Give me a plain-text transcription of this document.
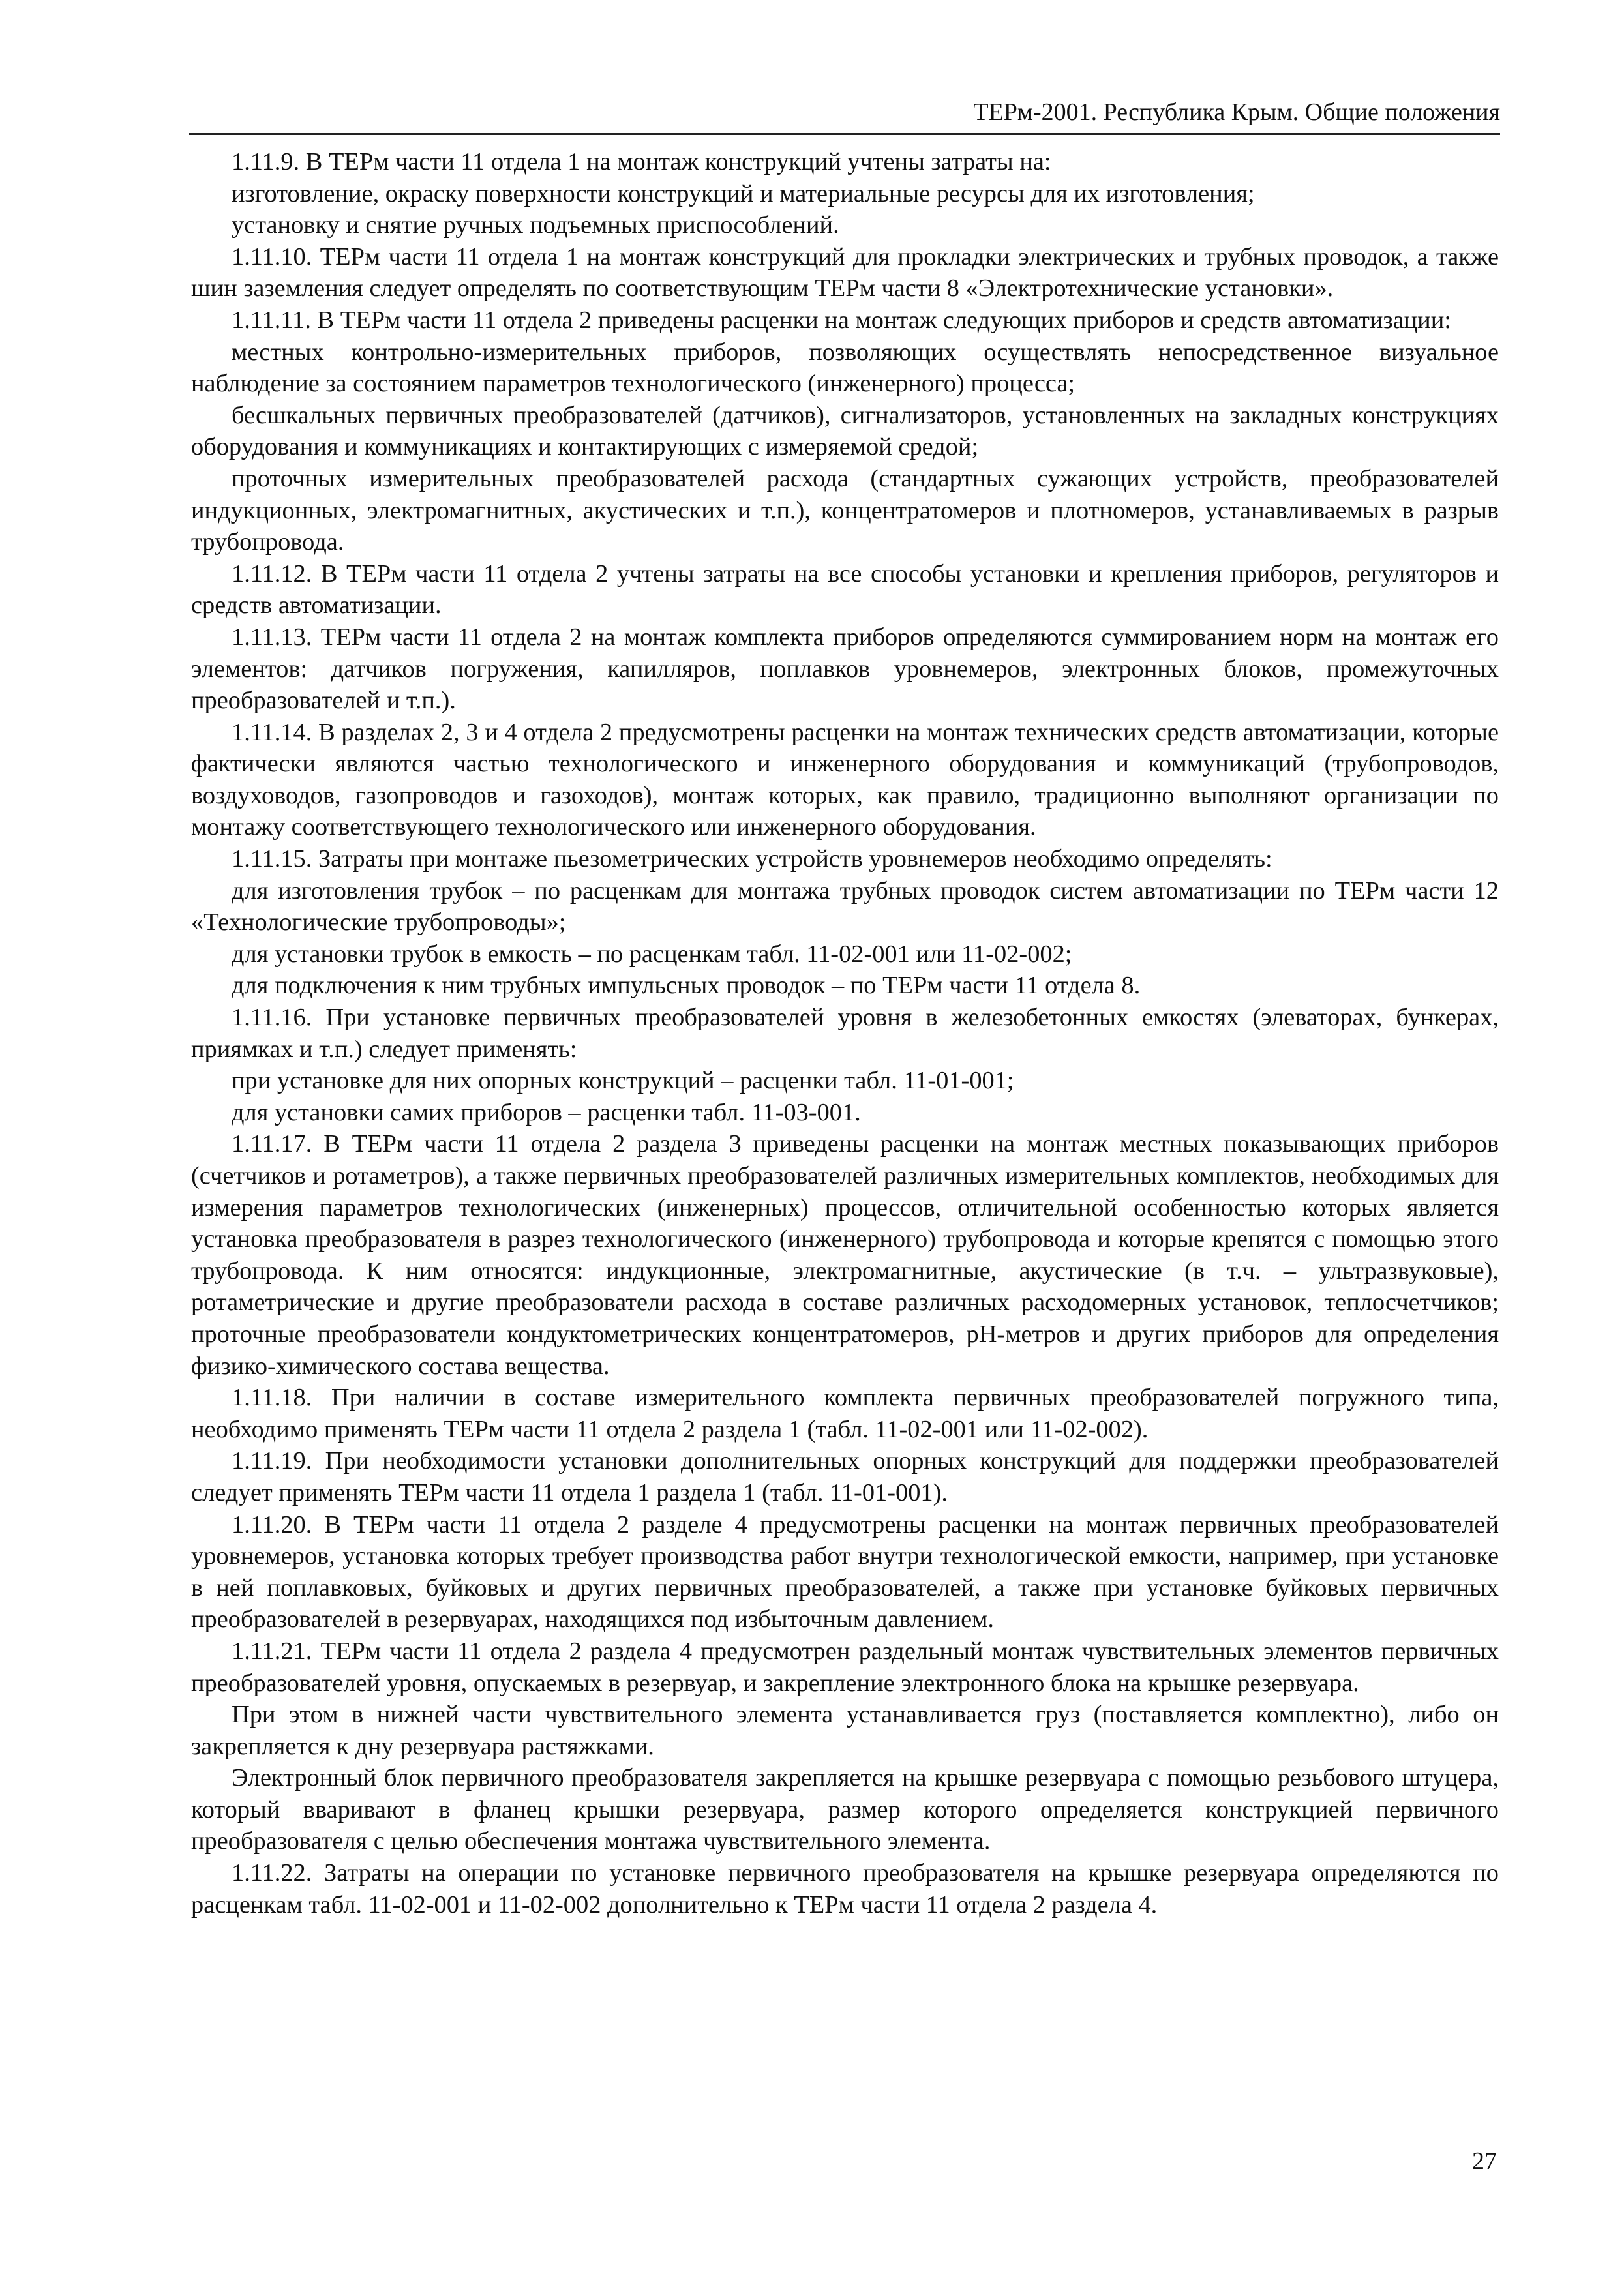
ТЕРм-2001. Республика Крым. Общие положения

1.11.9. В ТЕРм части 11 отдела 1 на монтаж конструкций учтены затраты на:

изготовление, окраску поверхности конструкций и материальные ресурсы для их изготовления;

установку и снятие ручных подъемных приспособлений.

1.11.10. ТЕРм части 11 отдела 1 на монтаж конструкций для прокладки электрических и трубных проводок, а также шин заземления следует определять по соответствующим ТЕРм части 8 «Электротехнические установки».

1.11.11. В ТЕРм части 11 отдела 2 приведены расценки на монтаж следующих приборов и средств автоматизации:

местных контрольно-измерительных приборов, позволяющих осуществлять непосредственное визуальное наблюдение за состоянием параметров технологического (инженерного) процесса;

бесшкальных первичных преобразователей (датчиков), сигнализаторов, установленных на закладных конструкциях оборудования и коммуникациях и контактирующих с измеряемой средой;

проточных измерительных преобразователей расхода (стандартных сужающих устройств, преобразователей индукционных, электромагнитных, акустических и т.п.), концентратомеров и плотномеров, устанавливаемых в разрыв трубопровода.

1.11.12. В ТЕРм части 11 отдела 2 учтены затраты на все способы установки и крепления приборов, регуляторов и средств автоматизации.

1.11.13. ТЕРм части 11 отдела 2 на монтаж комплекта приборов определяются суммированием норм на монтаж его элементов: датчиков погружения, капилляров, поплавков уровнемеров, электронных блоков, промежуточных преобразователей и т.п.).

1.11.14. В разделах 2, 3 и 4 отдела 2 предусмотрены расценки на монтаж технических средств автоматизации, которые фактически являются частью технологического и инженерного оборудования и коммуникаций (трубопроводов, воздуховодов, газопроводов и газоходов), монтаж которых, как правило, традиционно выполняют организации по монтажу соответствующего технологического или инженерного оборудования.

1.11.15. Затраты при монтаже пьезометрических устройств уровнемеров необходимо определять:

для изготовления трубок – по расценкам для монтажа трубных проводок систем автоматизации по ТЕРм части 12 «Технологические трубопроводы»;

для установки трубок в емкость – по расценкам табл. 11-02-001 или 11-02-002;

для подключения к ним трубных импульсных проводок – по ТЕРм части 11 отдела 8.

1.11.16. При установке первичных преобразователей уровня в железобетонных емкостях (элеваторах, бункерах, приямках и т.п.) следует применять:

при установке для них опорных конструкций – расценки табл. 11-01-001;

для установки самих приборов – расценки табл. 11-03-001.

1.11.17. В ТЕРм части 11 отдела 2 раздела 3 приведены расценки на монтаж местных показывающих приборов (счетчиков и ротаметров), а также первичных преобразователей различных измерительных комплектов, необходимых для измерения параметров технологических (инженерных) процессов, отличительной особенностью которых является установка преобразователя в разрез технологического (инженерного) трубопровода и которые крепятся с помощью этого трубопровода. К ним относятся: индукционные, электромагнитные, акустические (в т.ч. – ультразвуковые), ротаметрические и другие преобразователи расхода в составе различных расходомерных установок, теплосчетчиков; проточные преобразователи кондуктометрических концентратомеров, pH-метров и других приборов для определения физико-химического состава вещества.

1.11.18. При наличии в составе измерительного комплекта первичных преобразователей погружного типа, необходимо применять ТЕРм части 11 отдела 2 раздела 1 (табл. 11-02-001 или 11-02-002).

1.11.19. При необходимости установки дополнительных опорных конструкций для поддержки преобразователей следует применять ТЕРм части 11 отдела 1 раздела 1 (табл. 11-01-001).

1.11.20. В ТЕРм части 11 отдела 2 разделе 4 предусмотрены расценки на монтаж первичных преобразователей уровнемеров, установка которых требует производства работ внутри технологической емкости, например, при установке в ней поплавковых, буйковых и других первичных преобразователей, а также при установке буйковых первичных преобразователей в резервуарах, находящихся под избыточным давлением.

1.11.21. ТЕРм части 11 отдела 2 раздела 4 предусмотрен раздельный монтаж чувствительных элементов первичных преобразователей уровня, опускаемых в резервуар, и закрепление электронного блока на крышке резервуара.

При этом в нижней части чувствительного элемента устанавливается груз (поставляется комплектно), либо он закрепляется к дну резервуара растяжками.

Электронный блок первичного преобразователя закрепляется на крышке резервуара с помощью резьбового штуцера, который вваривают в фланец крышки резервуара, размер которого определяется конструкцией первичного преобразователя с целью обеспечения монтажа чувствительного элемента.

1.11.22. Затраты на операции по установке первичного преобразователя на крышке резервуара определяются по расценкам табл. 11-02-001 и 11-02-002 дополнительно к ТЕРм части 11 отдела 2 раздела 4.

27
